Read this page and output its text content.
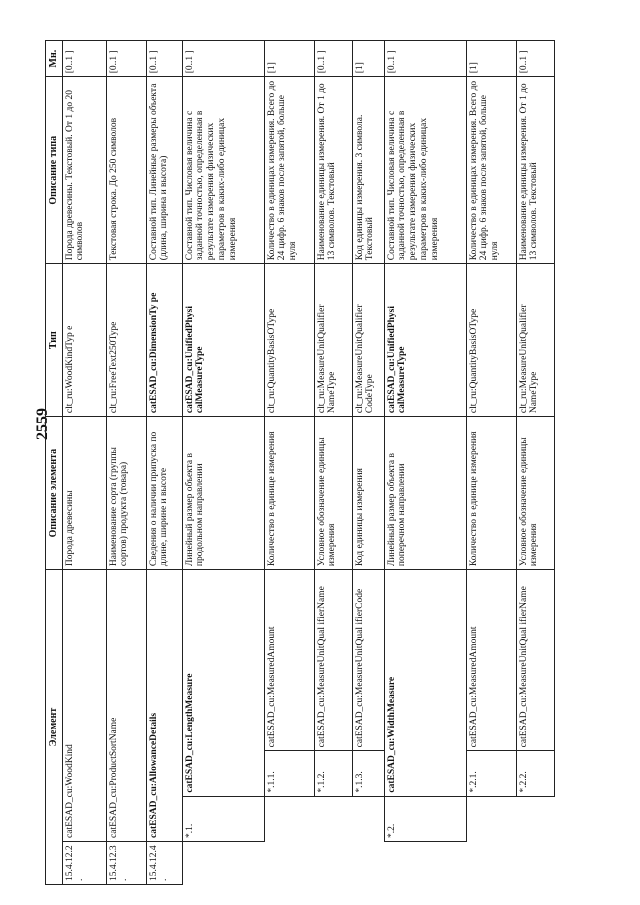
2559
Элемент				Описание элемента	Тип	Описание типа	Мн.
15.4.12.2.	catESAD_cu:WoodKind			Порода древесины	clt_ru:WoodKindTyp e	Порода древесины. Текстовый. От 1 до 20 символов	[0..1 ]
15.4.12.3.	catESAD_cu:ProductSortName			Наименование сорта (группы сортов) продукта (товара)	clt_ru:FreeText250Type	Текстовая строка. До 250 символов	[0..1 ]
15.4.12.4.	catESAD_cu:AllowanceDetails			Сведения о наличии припуска по длине, ширине и высоте	catESAD_cu:DimensionTy pe	Составной тип. Линейные размеры объекта (длина, ширина и высота)	[0..1 ]
	*.1.	catESAD_cu:LengthMeasure		Линейный размер объекта в продольном направлении	catESAD_cu:UnifiedPhysi calMeasureType	Составной тип. Числовая величина с заданной точностью, определенная в результате измерения физических параметров в каких-либо единицах измерения	[0..1 ]
		*.1.1.	catESAD_cu:MeasuredAmount	Количество в единице измерения	clt_ru:QuantityBasisOType	Количество в единицах измерения. Всего до 24 цифр. 6 знаков после запятой, больше нуля	[1]
		*.1.2.	catESAD_cu:MeasureUnitQual ifierName	Условное обозначение единицы измерения	clt_ru:MeasureUnitQualifier NameType	Наименование единицы измерения. От 1 до 13 символов. Текстовый	[0..1 ]
		*.1.3.	catESAD_cu:MeasureUnitQual ifierCode	Код единицы измерения	clt_ru:MeasureUnitQualifier CodeType	Код единицы измерения. 3 символа. Текстовый	[1]
	*.2.	catESAD_cu:WidthMeasure		Линейный размер объекта в поперечном направлении	catESAD_cu:UnifiedPhysi calMeasureType	Составной тип. Числовая величина с заданной точностью, определенная в результате измерения физических параметров в каких-либо единицах измерения	[0..1 ]
		*.2.1.	catESAD_cu:MeasuredAmount	Количество в единице измерения	clt_ru:QuantityBasisOType	Количество в единицах измерения. Всего до 24 цифр. 6 знаков после запятой, больше нуля	[1]
		*.2.2.	catESAD_cu:MeasureUnitQual ifierName	Условное обозначение единицы измерения	clt_ru:MeasureUnitQualifier NameType	Наименование единицы измерения. От 1 до 13 символов. Текстовый	[0..1 ]
